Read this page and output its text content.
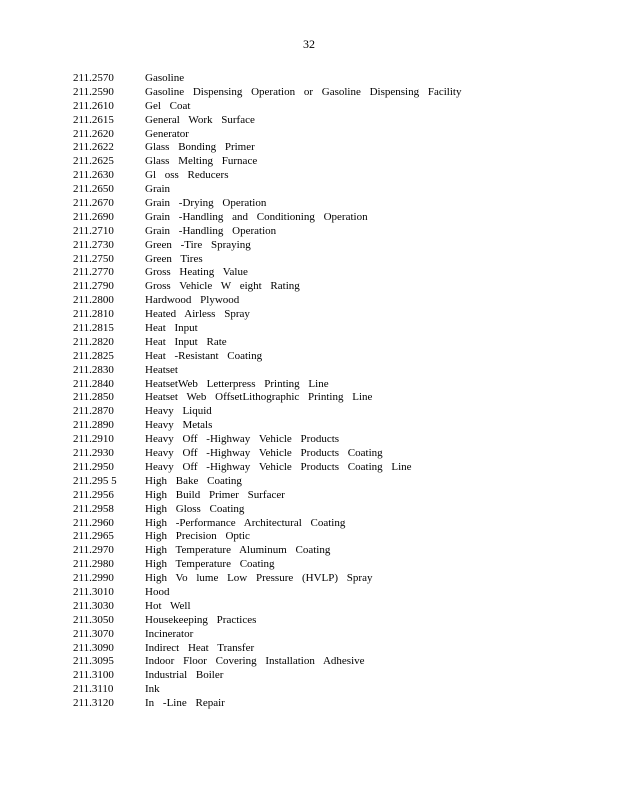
32
211.2570	Gasoline
211.2590	Gasoline Dispensing Operation or Gasoline Dispensing Facility
211.2610	Gel Coat
211.2615	General Work Surface
211.2620	Generator
211.2622	Glass Bonding Primer
211.2625	Glass Melting Furnace
211.2630	Gl oss Reducers
211.2650	Grain
211.2670	Grain -Drying Operation
211.2690	Grain -Handling and Conditioning Operation
211.2710	Grain -Handling Operation
211.2730	Green -Tire Spraying
211.2750	Green Tires
211.2770	Gross Heating Value
211.2790	Gross Vehicle W eight Rating
211.2800	Hardwood Plywood
211.2810	Heated Airless Spray
211.2815	Heat Input
211.2820	Heat Input Rate
211.2825	Heat -Resistant Coating
211.2830	Heatset
211.2840	HeatsetWeb Letterpress Printing Line
211.2850	Heatset Web OffsetLithographic Printing Line
211.2870	Heavy Liquid
211.2890	Heavy Metals
211.2910	Heavy Off -Highway Vehicle Products
211.2930	Heavy Off -Highway Vehicle Products Coating
211.2950	Heavy Off -Highway Vehicle Products Coating Line
211.295 5	High Bake Coating
211.2956	High Build Primer Surfacer
211.2958	High Gloss Coating
211.2960	High -Performance Architectural Coating
211.2965	High Precision Optic
211.2970	High Temperature Aluminum Coating
211.2980	High Temperature Coating
211.2990	High Vo lume Low Pressure (HVLP) Spray
211.3010	Hood
211.3030	Hot Well
211.3050	Housekeeping Practices
211.3070	Incinerator
211.3090	Indirect Heat Transfer
211.3095	Indoor Floor Covering Installation Adhesive
211.3100	Industrial Boiler
211.3110	Ink
211.3120	In -Line Repair
